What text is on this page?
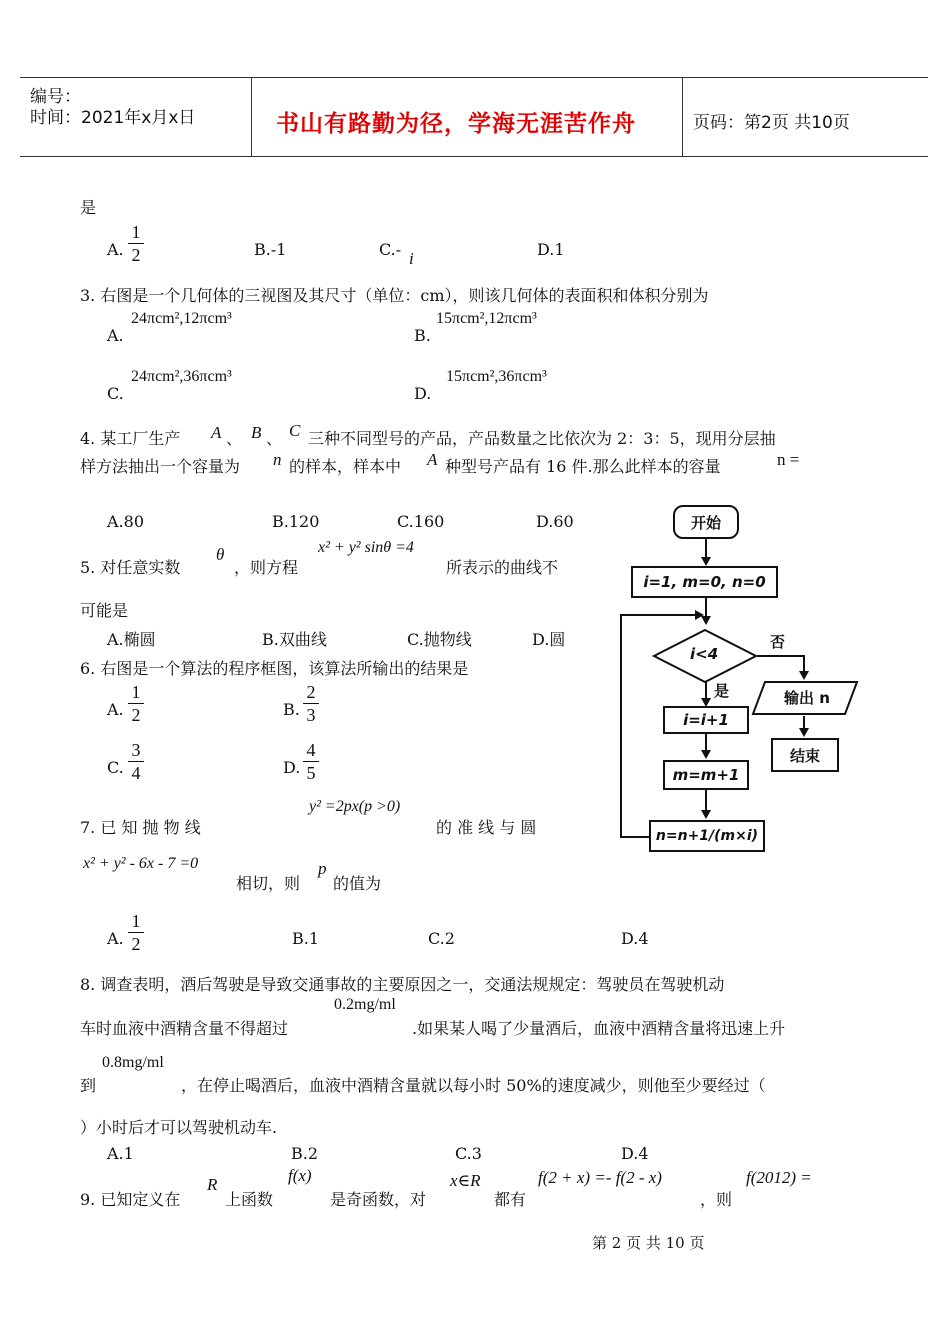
编号：
时间：2021年x月x日	书山有路勤为径，学海无涯苦作舟	页码：第2页 共10页
是
A.
1
2	B.-1	C.- i	D.1
3. 右图是一个几何体的三视图及其尺寸（单位：cm），则该几何体的表面积和体积分别为
A.
24πcm²,12πcm³
B.
15πcm²,12πcm³
C.
24πcm²,36πcm³
D.
15πcm²,36πcm³
4. 某工厂生产 A 、 B 、 C 三种不同型号的产品，产品数量之比依次为 2：3：5，现用分层抽
样方法抽出一个容量为 n 的样本，样本中 A 种型号产品有 16 件.那么此样本的容量	n =
A.80	B.120	C.160	D.60
5. 对任意实数
θ
，则方程
x² + y² sinθ =4
所表示的曲线不
可能是
A.椭圆	B.双曲线	C.抛物线	D.圆
6. 右图是一个算法的程序框图，该算法所输出的结果是
A.
1
2	B.
2
3
C.
3
4	D.
4
5
7. 已 知 抛 物 线
y² =2px(p >0)
的 准 线 与 圆
x² + y² - 6x - 7 =0
相切，则
p
的值为
A.
1
2	B.1	C.2	D.4
8. 调查表明，酒后驾驶是导致交通事故的主要原因之一，交通法规规定：驾驶员在驾驶机动
车时血液中酒精含量不得超过
0.2mg/ml
.如果某人喝了少量酒后，血液中酒精含量将迅速上升
0.8mg/ml
到	，在停止喝酒后，血液中酒精含量就以每小时 50%的速度减少，则他至少要经过（
）小时后才可以驾驶机动车.
A.1	B.2	C.3	D.4
9. 已知定义在
R
上函数
f(x)
是奇函数，对
x∈R
都有
f(2 + x) =- f(2 - x)
，则
f(2012) =
第 2 页 共 10 页
开始
i=1, m=0, n=0
i<4
否
输出 n
结束
是
i=i+1
m=m+1
n=n+1/(m×i)
